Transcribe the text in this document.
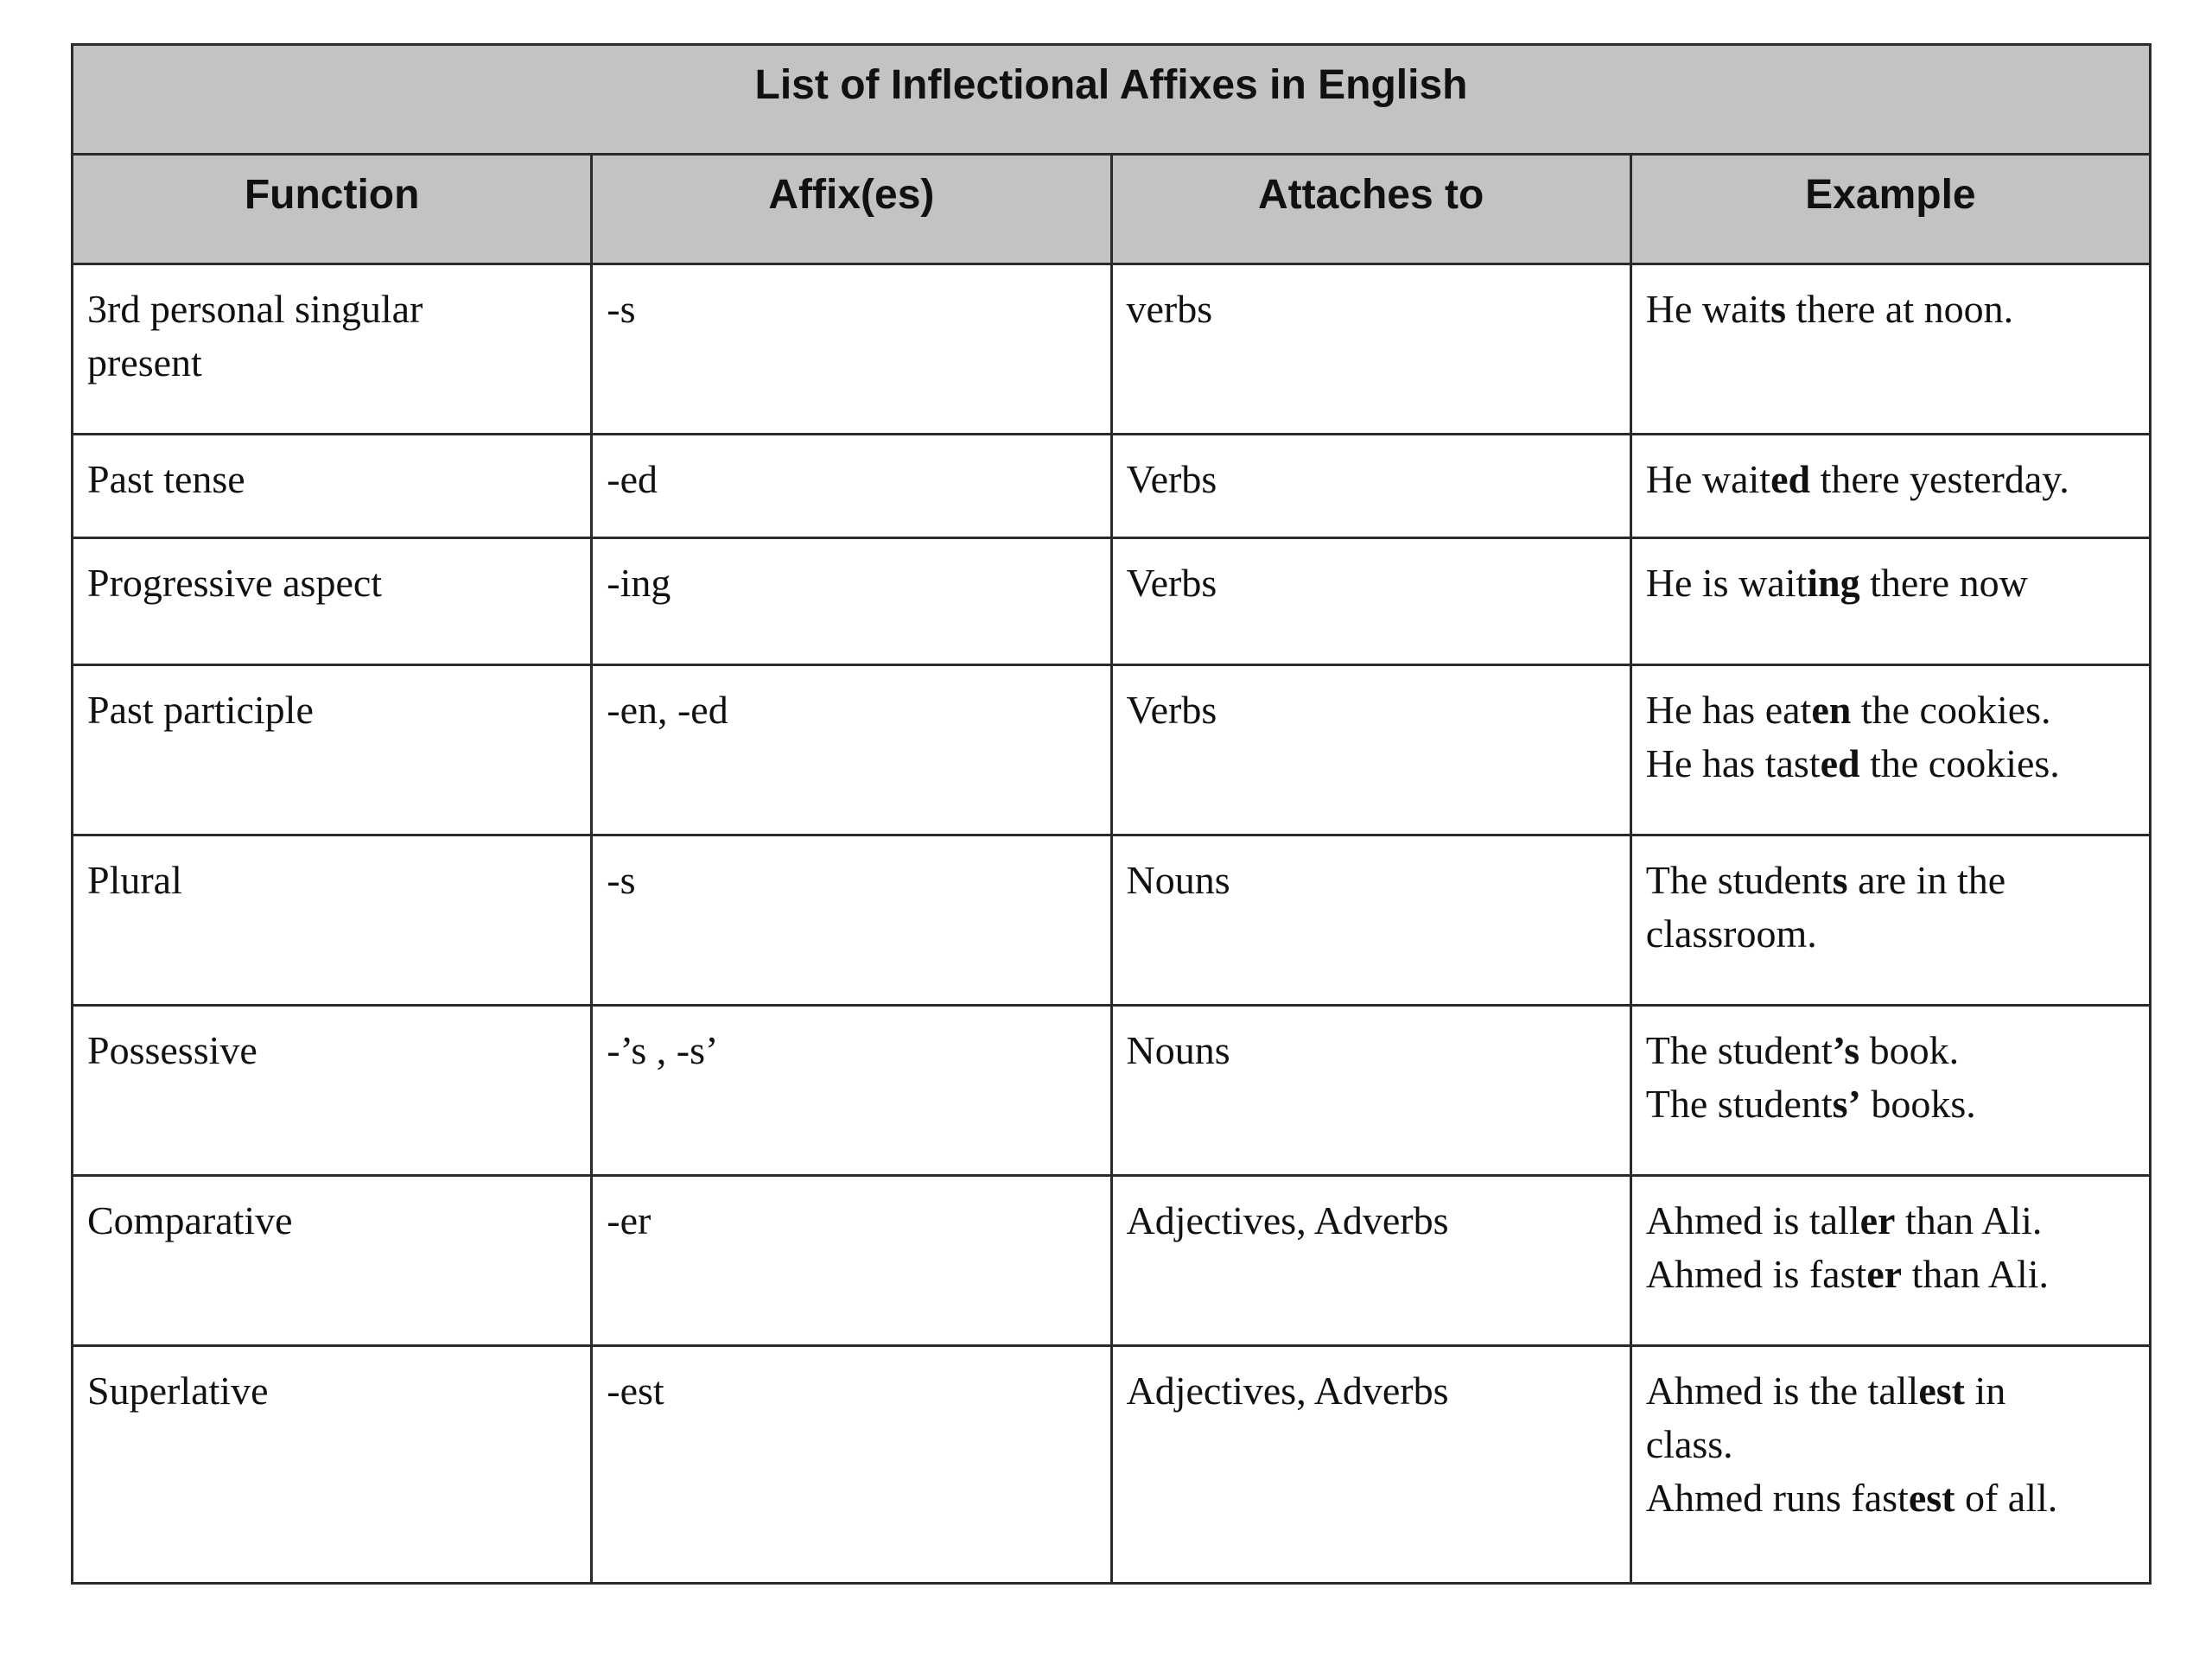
List of Inflectional Affixes in English			
Function	Affix(es)	Attaches to	Example

3rd personal singular
present	-s	verbs	He waits there at noon.

Past tense	-ed	Verbs	He waited there yesterday.

Progressive aspect	-ing	Verbs	He is waiting there now

Past participle	-en, -ed	Verbs	He has eaten the cookies.
He has tasted the cookies.

Plural	-s	Nouns	The students are in the
classroom.

Possessive	-’s , -s’	Nouns	The student’s book.
The students’ books.

Comparative	-er	Adjectives, Adverbs	Ahmed is taller than Ali.
Ahmed is faster than Ali.

Superlative	-est	Adjectives, Adverbs	Ahmed is the tallest in
class.
Ahmed runs fastest of all.
